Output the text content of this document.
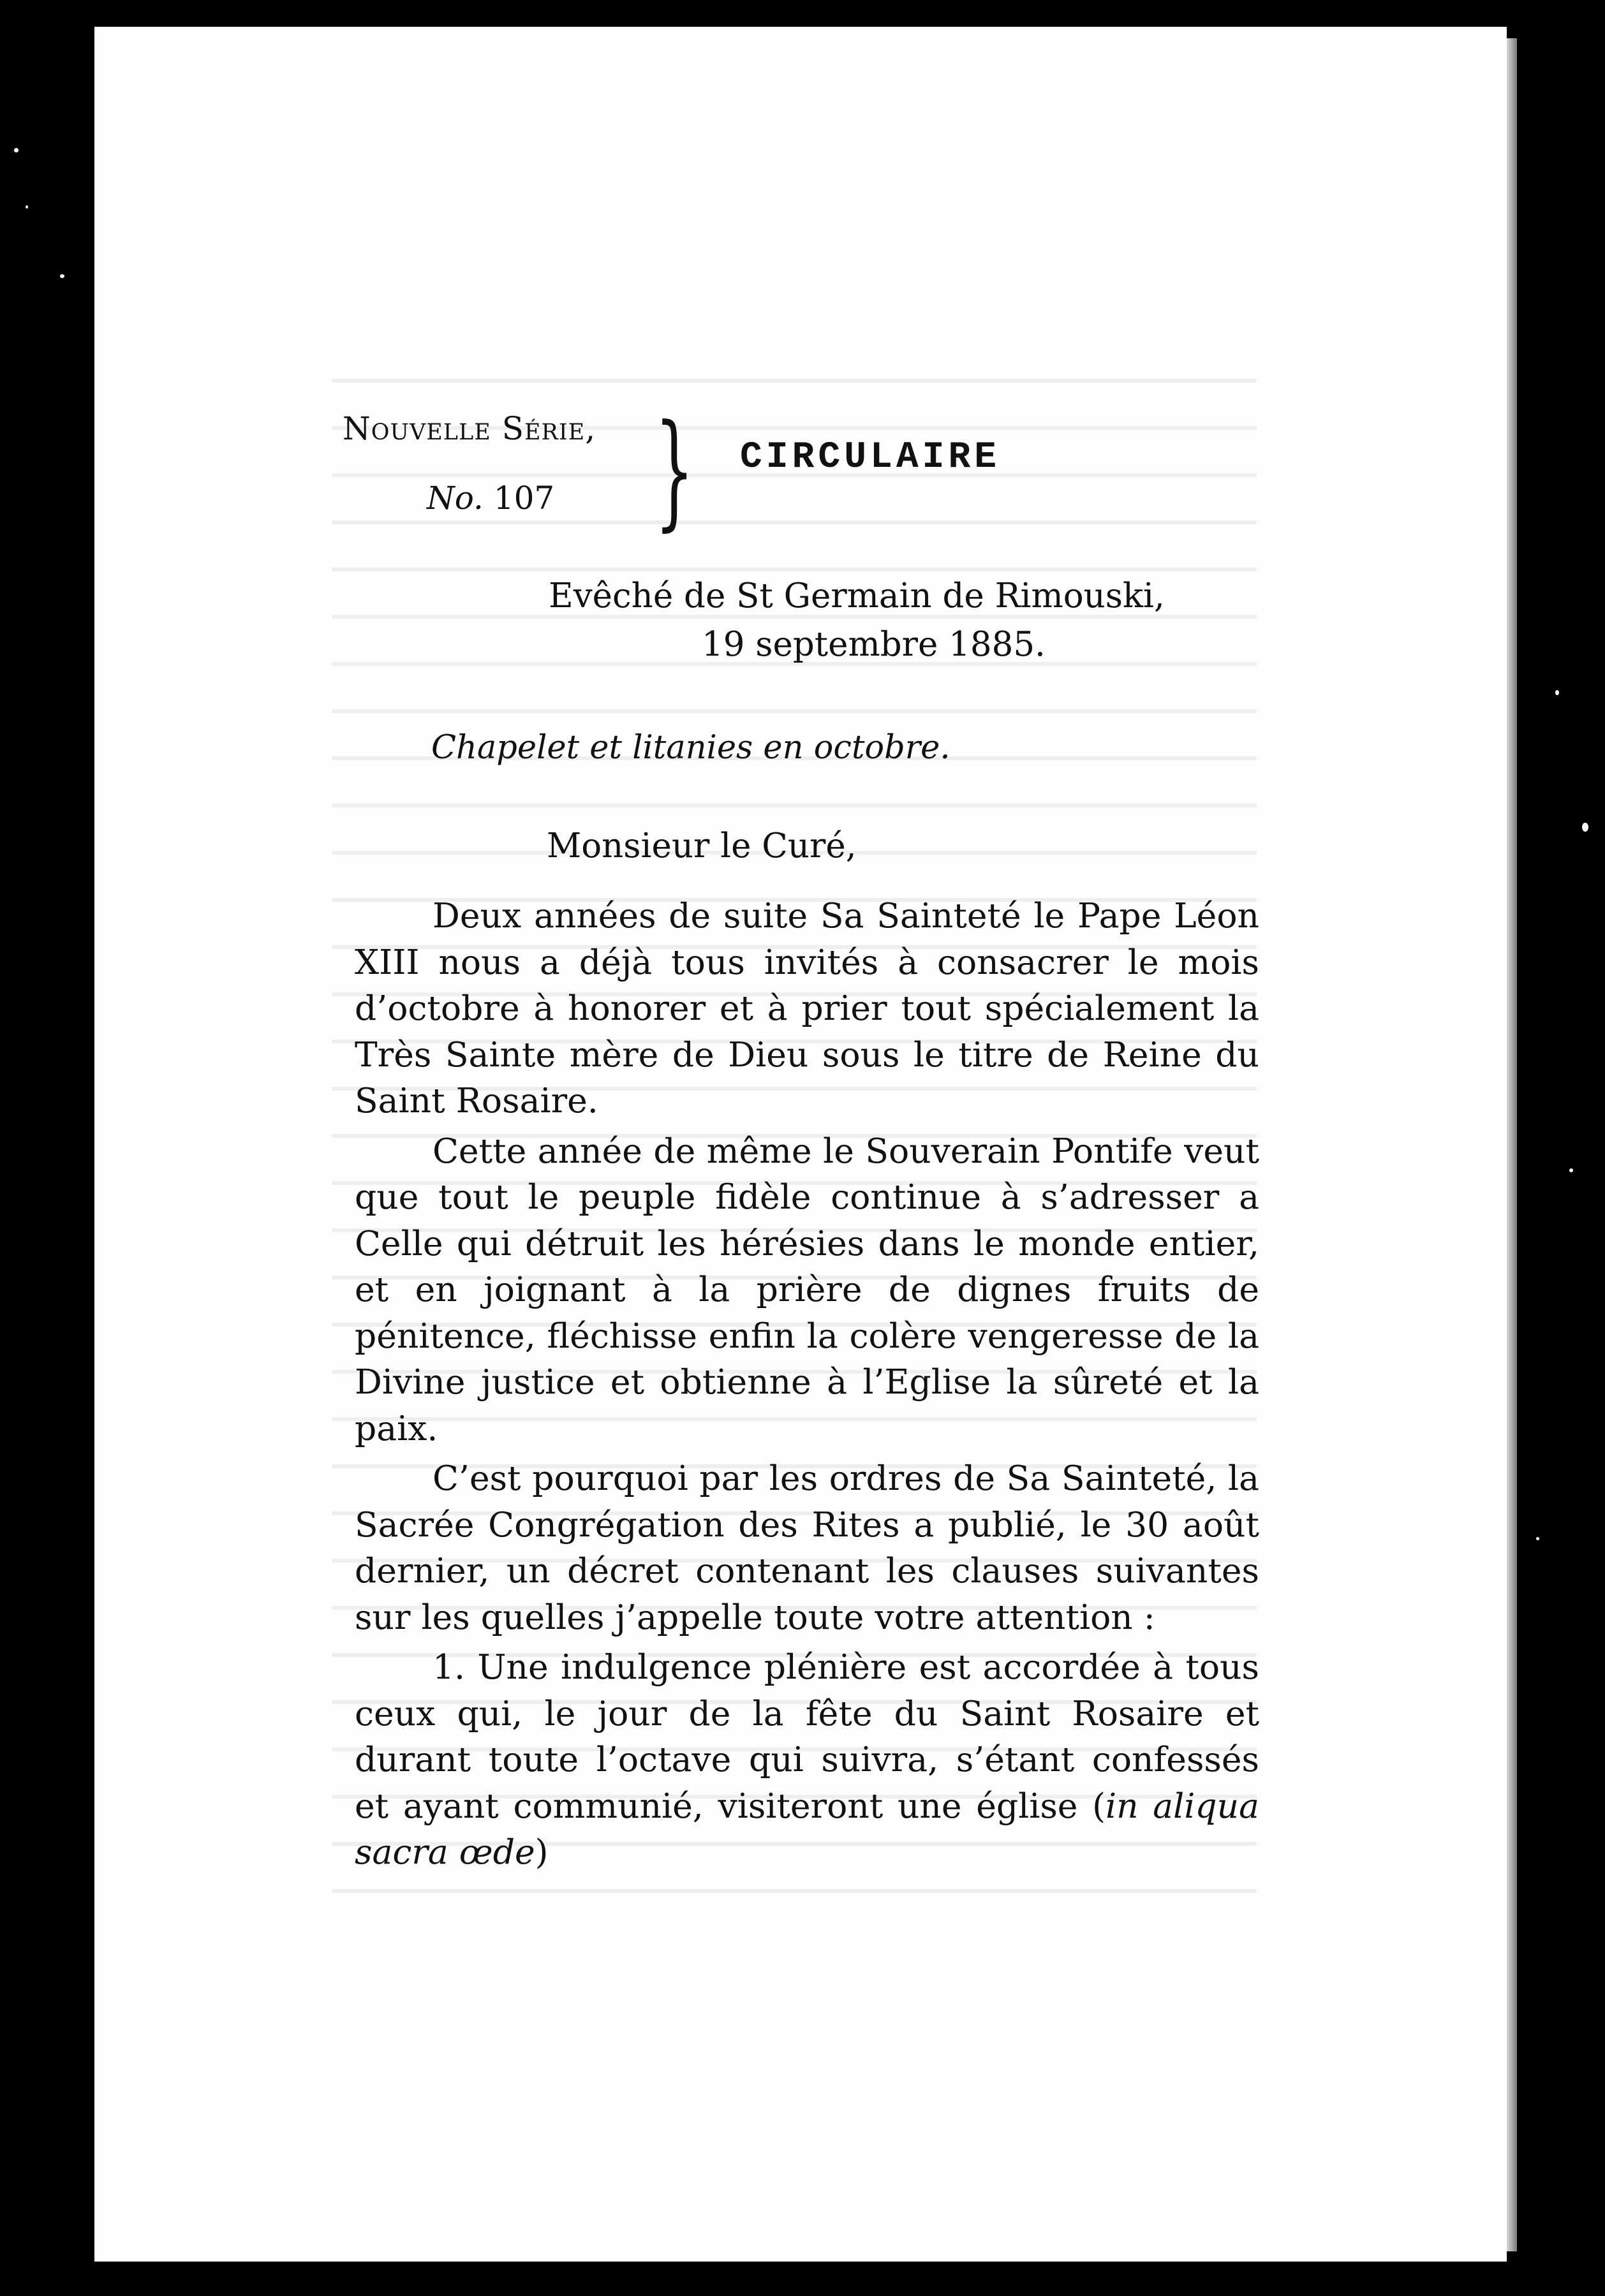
Nouvelle Série,
No. 107 } CIRCULAIRE
Evêché de St Germain de Rimouski,
19 septembre 1885.
Chapelet et litanies en octobre.
Monsieur le Curé,

Deux années de suite Sa Sainteté le Pape Léon XIII nous a déjà tous invités à consacrer le mois d’octobre à honorer et à prier tout spécialement la Très Sainte mère de Dieu sous le titre de Reine du Saint Rosaire.

Cette année de même le Souverain Pontife veut que tout le peuple fidèle continue à s’adresser a Celle qui détruit les hérésies dans le monde entier, et en joignant à la prière de dignes fruits de pénitence, fléchisse enfin la colère vengeresse de la Divine justice et obtienne à l’Eglise la sûreté et la paix.

C’est pourquoi par les ordres de Sa Sainteté, la Sacrée Congrégation des Rites a publié, le 30 août dernier, un décret contenant les clauses suivantes sur les quelles j’appelle toute votre attention :

1. Une indulgence plénière est accordée à tous ceux qui, le jour de la fête du Saint Rosaire et durant toute l’octave qui suivra, s’étant confessés et ayant communié, visiteront une église (in aliqua sacra œde)
